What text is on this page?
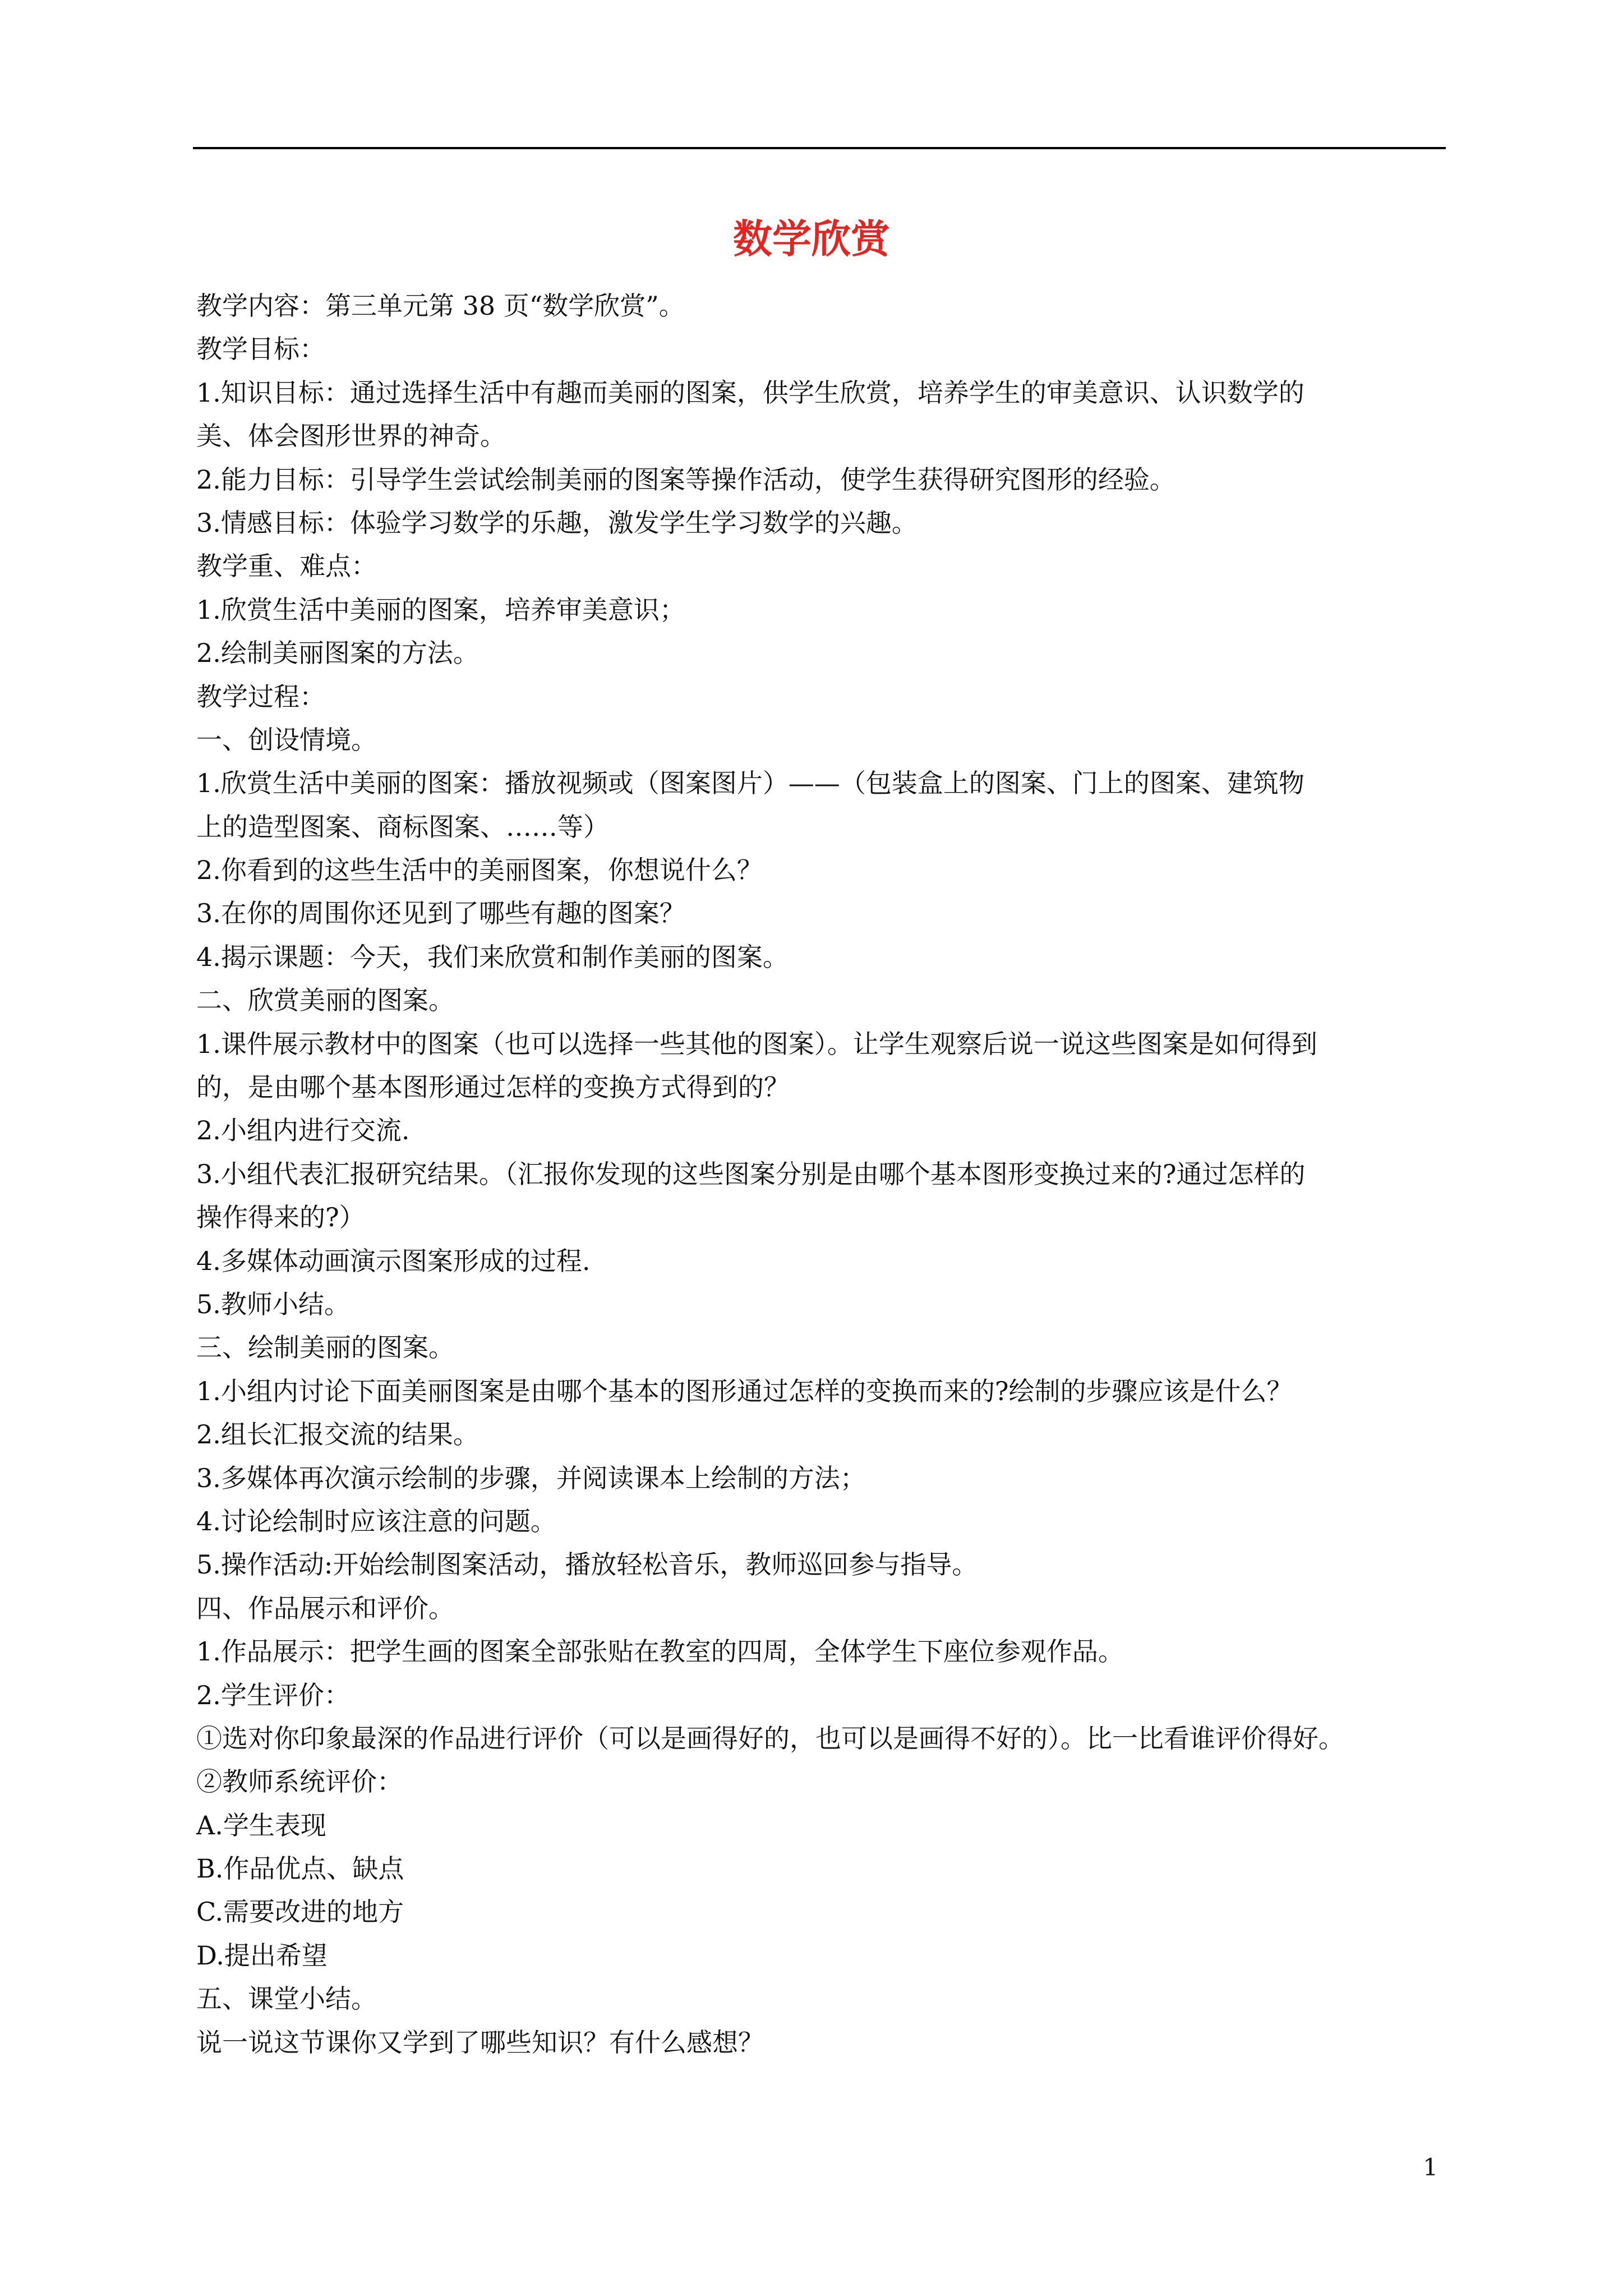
数学欣赏
教学内容：第三单元第 38 页“数学欣赏”。
教学目标：
1.知识目标：通过选择生活中有趣而美丽的图案，供学生欣赏，培养学生的审美意识、认识数学的
美、体会图形世界的神奇。
2.能力目标：引导学生尝试绘制美丽的图案等操作活动，使学生获得研究图形的经验。
3.情感目标：体验学习数学的乐趣，激发学生学习数学的兴趣。
教学重、难点：
1.欣赏生活中美丽的图案，培养审美意识；
2.绘制美丽图案的方法。
教学过程：
一、创设情境。
1.欣赏生活中美丽的图案：播放视频或（图案图片）——（包装盒上的图案、门上的图案、建筑物
上的造型图案、商标图案、……等）
2.你看到的这些生活中的美丽图案，你想说什么？
3.在你的周围你还见到了哪些有趣的图案？
4.揭示课题：今天，我们来欣赏和制作美丽的图案。
二、欣赏美丽的图案。
1.课件展示教材中的图案（也可以选择一些其他的图案）。让学生观察后说一说这些图案是如何得到
的，是由哪个基本图形通过怎样的变换方式得到的？
2.小组内进行交流.
3.小组代表汇报研究结果。（汇报你发现的这些图案分别是由哪个基本图形变换过来的?通过怎样的
操作得来的?）
4.多媒体动画演示图案形成的过程.
5.教师小结。
三、绘制美丽的图案。
1.小组内讨论下面美丽图案是由哪个基本的图形通过怎样的变换而来的?绘制的步骤应该是什么？
2.组长汇报交流的结果。
3.多媒体再次演示绘制的步骤，并阅读课本上绘制的方法；
4.讨论绘制时应该注意的问题。
5.操作活动:开始绘制图案活动，播放轻松音乐，教师巡回参与指导。
四、作品展示和评价。
1.作品展示：把学生画的图案全部张贴在教室的四周，全体学生下座位参观作品。
2.学生评价：
①选对你印象最深的作品进行评价（可以是画得好的，也可以是画得不好的）。比一比看谁评价得好。
②教师系统评价：
A.学生表现
B.作品优点、缺点
C.需要改进的地方
D.提出希望
五、课堂小结。
说一说这节课你又学到了哪些知识？有什么感想？
1
